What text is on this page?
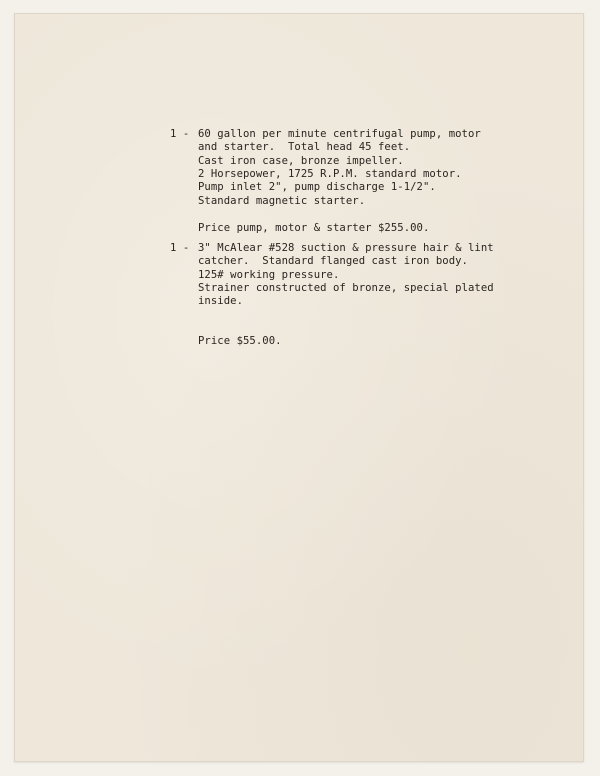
1 - 60 gallon per minute centrifugal pump, motor
and starter.  Total head 45 feet.
Cast iron case, bronze impeller.
2 Horsepower, 1725 R.P.M. standard motor.
Pump inlet 2", pump discharge 1-1/2".
Standard magnetic starter.
Price pump, motor & starter $255.00.

1 - 3" McAlear #528 suction & pressure hair & lint
catcher.  Standard flanged cast iron body.
125# working pressure.
Strainer constructed of bronze, special plated
inside.
Price $55.00.
